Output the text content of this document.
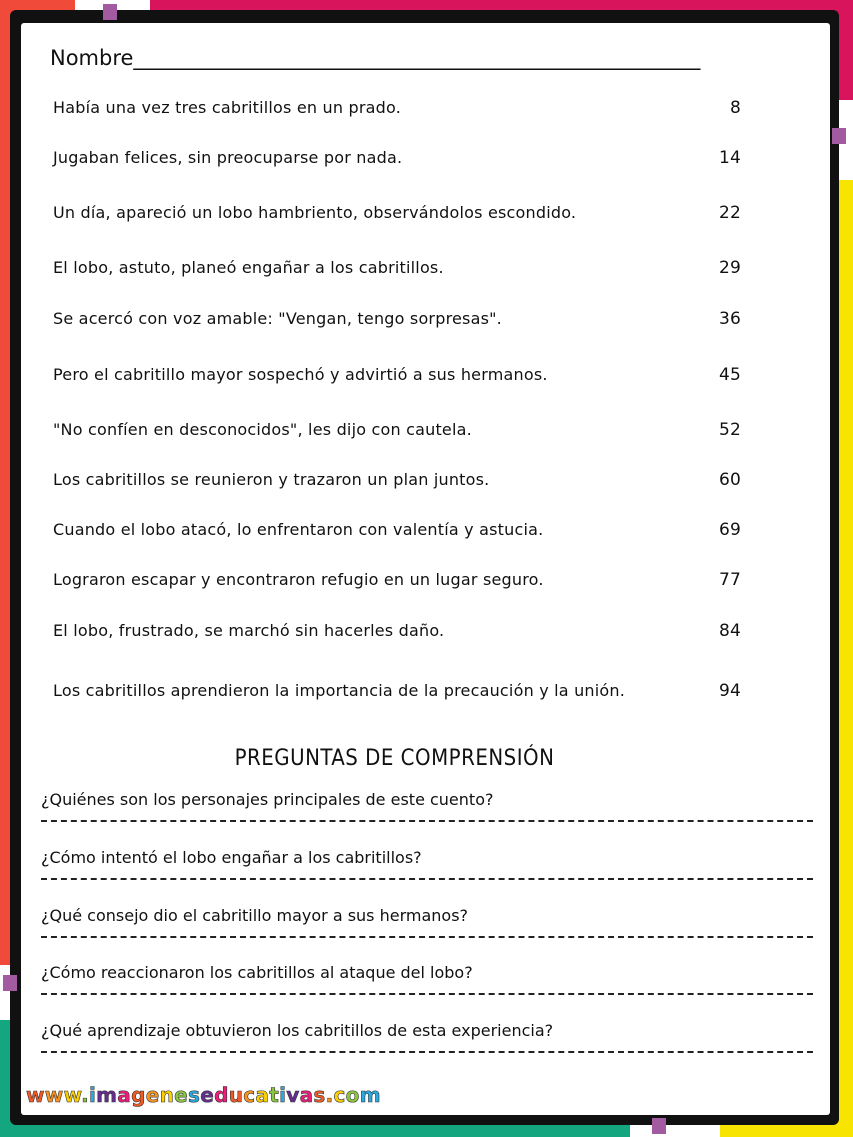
Nombre______________________________________________________
Había una vez tres cabritillos en un prado.	8
Jugaban felices, sin preocuparse por nada.	14
Un día, apareció un lobo hambriento, observándolos escondido.	22
El lobo, astuto, planeó engañar a los cabritillos.	29
Se acercó con voz amable: "Vengan, tengo sorpresas".	36
Pero el cabritillo mayor sospechó y advirtió a sus hermanos.	45
"No confíen en desconocidos", les dijo con cautela.	52
Los cabritillos se reunieron y trazaron un plan juntos.	60
Cuando el lobo atacó, lo enfrentaron con valentía y astucia.	69
Lograron escapar y encontraron refugio en un lugar seguro.	77
El lobo, frustrado, se marchó sin hacerles daño.	84
Los cabritillos aprendieron la importancia de la precaución y la unión.	94
PREGUNTAS DE COMPRENSIÓN
¿Quiénes son los personajes principales de este cuento?
¿Cómo intentó el lobo engañar a los cabritillos?
¿Qué consejo dio el cabritillo mayor a sus hermanos?
¿Cómo reaccionaron los cabritillos al ataque del lobo?
¿Qué aprendizaje obtuvieron los cabritillos de esta experiencia?
www.imageneseducativas.com
